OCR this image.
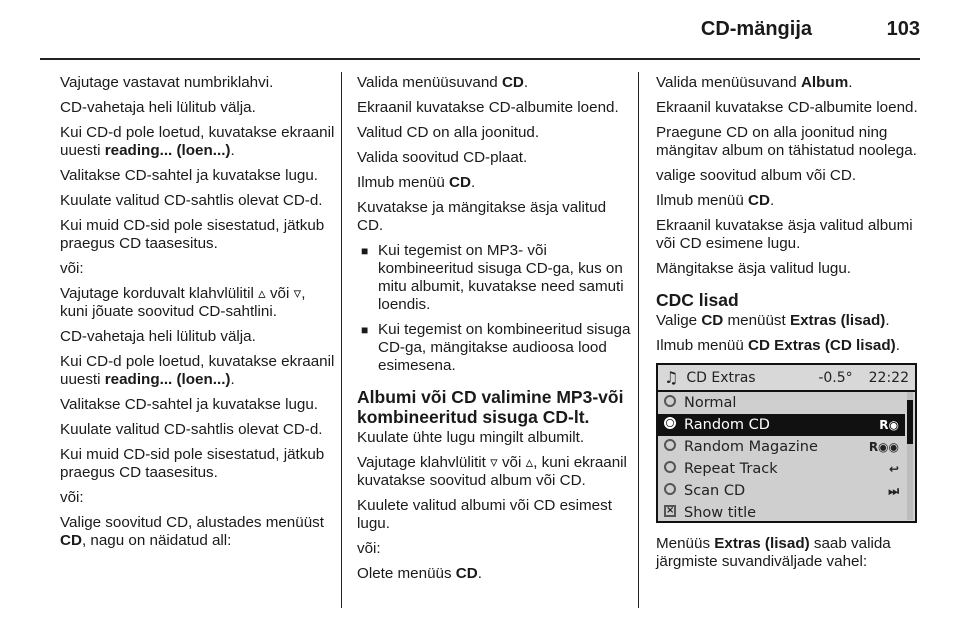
CD-mängija	103

Vajutage vastavat numbriklahvi.

CD-vahetaja heli lülitub välja.

Kui CD-d pole loetud, kuvatakse ekraanil uuesti reading... (loen...).

Valitakse CD-sahtel ja kuvatakse lugu.

Kuulate valitud CD-sahtlis olevat CD-d.

Kui muid CD-sid pole sisestatud, jätkub praegus CD taasesitus.

või:

Vajutage korduvalt klahvlülitil ▵ või ▿, kuni jõuate soovitud CD-sahtlini.

CD-vahetaja heli lülitub välja.

Kui CD-d pole loetud, kuvatakse ekraanil uuesti reading... (loen...).

Valitakse CD-sahtel ja kuvatakse lugu.

Kuulate valitud CD-sahtlis olevat CD-d.

Kui muid CD-sid pole sisestatud, jätkub praegus CD taasesitus.

või:

Valige soovitud CD, alustades menüüst CD, nagu on näidatud all:

Valida menüüsuvand CD.

Ekraanil kuvatakse CD-albumite loend.

Valitud CD on alla joonitud.

Valida soovitud CD-plaat.

Ilmub menüü CD.

Kuvatakse ja mängitakse äsja valitud CD.

■ Kui tegemist on MP3- või kombineeritud sisuga CD-ga, kus on mitu albumit, kuvatakse need samuti loendis.
■ Kui tegemist on kombineeritud sisuga CD-ga, mängitakse audioosa lood esimesena.
Albumi või CD valimine MP3-või kombineeritud sisuga CD-lt.

Kuulate ühte lugu mingilt albumilt.

Vajutage klahvlülitit ▿ või ▵, kuni ekraanil kuvatakse soovitud album või CD.

Kuulete valitud albumi või CD esimest lugu.

või:

Olete menüüs CD.

Valida menüüsuvand Album.

Ekraanil kuvatakse CD-albumite loend.

Praegune CD on alla joonitud ning mängitav album on tähistatud noolega.

valige soovitud album või CD.

Ilmub menüü CD.

Ekraanil kuvatakse äsja valitud albumi või CD esimene lugu.

Mängitakse äsja valitud lugu.

CDC lisad

Valige CD menüüst Extras (lisad).

Ilmub menüü CD Extras (CD lisad).

♫ CD Extras	-0.5° 22:22
Normal
Random CD	R◉
Random Magazine	R◉◉
Repeat Track	↩
Scan CD	⏭
× Show title

Menüüs Extras (lisad) saab valida järgmiste suvandiväljade vahel:
